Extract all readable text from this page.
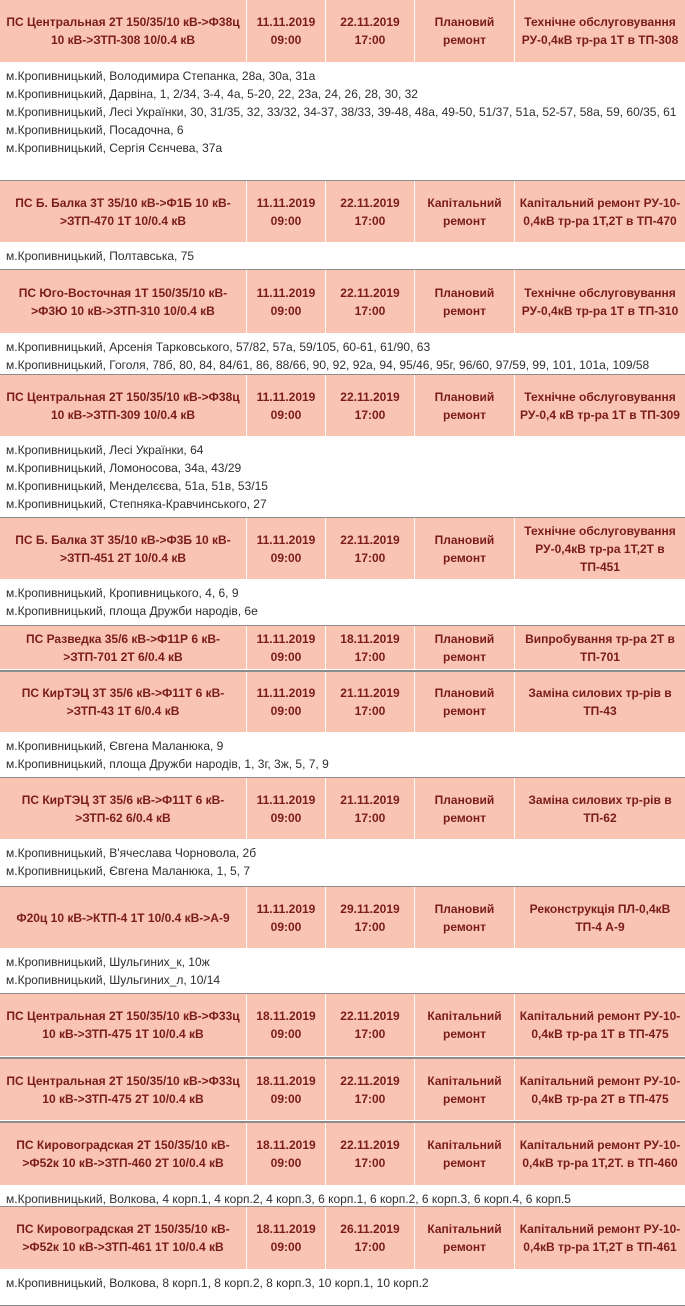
ПС Центральная 2Т 150/35/10 кВ->Ф38ц 10 кВ->ЗТП-308 10/0.4 кВ
11.11.2019
09:00
22.11.2019
17:00
Плановий ремонт
Технічне обслуговування РУ-0,4кВ тр-ра 1Т в ТП-308
м.Кропивницький, Володимира Степанка, 28а, 30а, 31а
м.Кропивницький, Дарвіна, 1, 2/34, 3-4, 4а, 5-20, 22, 23а, 24, 26, 28, 30, 32
м.Кропивницький, Лесі Українки, 30, 31/35, 32, 33/32, 34-37, 38/33, 39-48, 48а, 49-50, 51/37, 51а, 52-57, 58а, 59, 60/35, 61
м.Кропивницький, Посадочна, 6
м.Кропивницький, Сергія Сєнчева, 37а
ПС Б. Балка 3Т 35/10 кВ->Ф1Б 10 кВ->ЗТП-470 1Т 10/0.4 кВ
11.11.2019
09:00
22.11.2019
17:00
Капітальний ремонт
Капітальний ремонт РУ-10-0,4кВ тр-ра 1Т,2Т в ТП-470
м.Кропивницький, Полтавська, 75
ПС Юго-Восточная 1Т 150/35/10 кВ->Ф3Ю 10 кВ->ЗТП-310 10/0.4 кВ
11.11.2019
09:00
22.11.2019
17:00
Плановий ремонт
Технічне обслуговування РУ-0,4кВ тр-ра 1Т в ТП-310
м.Кропивницький, Арсенія Тарковського, 57/82, 57а, 59/105, 60-61, 61/90, 63
м.Кропивницький, Гоголя, 78б, 80, 84, 84/61, 86, 88/66, 90, 92, 92а, 94, 95/46, 95г, 96/60, 97/59, 99, 101, 101а, 109/58
ПС Центральная 2Т 150/35/10 кВ->Ф38ц 10 кВ->ЗТП-309 10/0.4 кВ
11.11.2019
09:00
22.11.2019
17:00
Плановий ремонт
Технічне обслуговування РУ-0,4 кВ тр-ра 1Т в ТП-309
м.Кропивницький, Лесі Українки, 64
м.Кропивницький, Ломоносова, 34а, 43/29
м.Кропивницький, Менделєєва, 51а, 51в, 53/15
м.Кропивницький, Степняка-Кравчинського, 27
ПС Б. Балка 3Т 35/10 кВ->Ф3Б 10 кВ->ЗТП-451 2Т 10/0.4 кВ
11.11.2019
09:00
22.11.2019
17:00
Плановий ремонт
Технічне обслуговування РУ-0,4кВ тр-ра 1Т,2Т в ТП-451
м.Кропивницький, Кропивницького, 4, 6, 9
м.Кропивницький, площа Дружби народів, 6е
ПС Разведка 35/6 кВ->Ф11Р 6 кВ->ЗТП-701 2Т 6/0.4 кВ
11.11.2019
09:00
18.11.2019
17:00
Плановий ремонт
Випробування тр-ра 2Т в ТП-701
ПС КирТЭЦ 3Т 35/6 кВ->Ф11Т 6 кВ->ЗТП-43 1Т 6/0.4 кВ
11.11.2019
09:00
21.11.2019
17:00
Плановий ремонт
Заміна силових тр-рів в ТП-43
м.Кропивницький, Євгена Маланюка, 9
м.Кропивницький, площа Дружби народів, 1, 3г, 3ж, 5, 7, 9
ПС КирТЭЦ 3Т 35/6 кВ->Ф11Т 6 кВ->ЗТП-62 6/0.4 кВ
11.11.2019
09:00
21.11.2019
17:00
Плановий ремонт
Заміна силових тр-рів в ТП-62
м.Кропивницький, В'ячеслава Чорновола, 2б
м.Кропивницький, Євгена Маланюка, 1, 5, 7
Ф20ц 10 кВ->КТП-4 1Т 10/0.4 кВ->А-9
11.11.2019
09:00
29.11.2019
17:00
Плановий ремонт
Реконструкція ПЛ-0,4кВ ТП-4 А-9
м.Кропивницький, Шульгиних_к, 10ж
м.Кропивницький, Шульгиних_л, 10/14
ПС Центральная 2Т 150/35/10 кВ->Ф33ц 10 кВ->ЗТП-475 1Т 10/0.4 кВ
18.11.2019
09:00
22.11.2019
17:00
Капітальний ремонт
Капітальний ремонт РУ-10-0,4кВ тр-ра 1Т в ТП-475
ПС Центральная 2Т 150/35/10 кВ->Ф33ц 10 кВ->ЗТП-475 2Т 10/0.4 кВ
18.11.2019
09:00
22.11.2019
17:00
Капітальний ремонт
Капітальний ремонт РУ-10-0,4кВ тр-ра 2Т в ТП-475
ПС Кировоградская 2Т 150/35/10 кВ->Ф52к 10 кВ->ЗТП-460 2Т 10/0.4 кВ
18.11.2019
09:00
22.11.2019
17:00
Капітальний ремонт
Капітальний ремонт РУ-10-0,4кВ тр-ра 1Т,2Т. в ТП-460
м.Кропивницький, Волкова, 4 корп.1, 4 корп.2, 4 корп.3, 6 корп.1, 6 корп.2, 6 корп.3, 6 корп.4, 6 корп.5
ПС Кировоградская 2Т 150/35/10 кВ->Ф52к 10 кВ->ЗТП-461 1Т 10/0.4 кВ
18.11.2019
09:00
26.11.2019
17:00
Капітальний ремонт
Капітальний ремонт РУ-10-0,4кВ тр-ра 1Т,2Т в ТП-461
м.Кропивницький, Волкова, 8 корп.1, 8 корп.2, 8 корп.3, 10 корп.1, 10 корп.2
